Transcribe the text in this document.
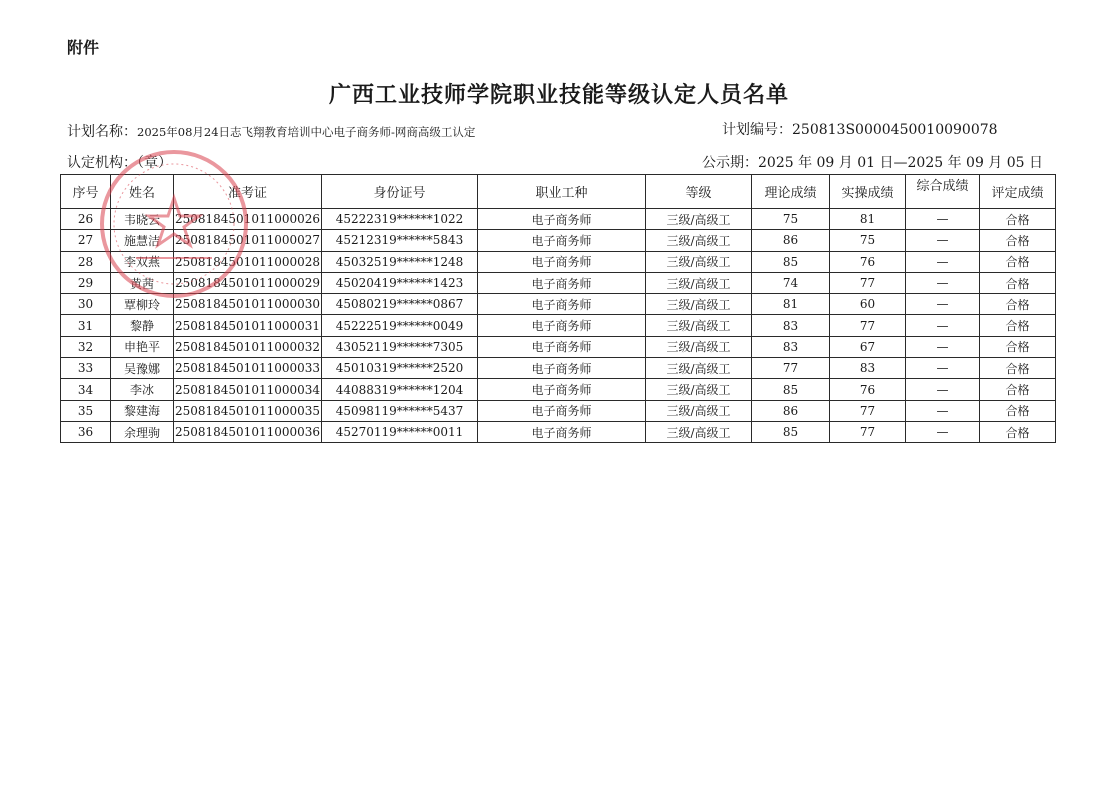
附件
广西工业技师学院职业技能等级认定人员名单
计划名称：2025年08月24日志飞翔教育培训中心电子商务师-网商高级工认定	计划编号：250813S0000450010090078
认定机构：（章）	公示期：2025 年 09 月 01 日—2025 年 09 月 05 日
序号	姓名	准考证	身份证号	职业工种	等级	理论成绩	实操成绩	综合成绩	评定成绩
26	韦晓云	2508184501011000026	45222319******1022	电子商务师	三级/高级工	75	81	—	合格
27	施慧洁	2508184501011000027	45212319******5843	电子商务师	三级/高级工	86	75	—	合格
28	李双燕	2508184501011000028	45032519******1248	电子商务师	三级/高级工	85	76	—	合格
29	黄茜	2508184501011000029	45020419******1423	电子商务师	三级/高级工	74	77	—	合格
30	覃柳玲	2508184501011000030	45080219******0867	电子商务师	三级/高级工	81	60	—	合格
31	黎静	2508184501011000031	45222519******0049	电子商务师	三级/高级工	83	77	—	合格
32	申艳平	2508184501011000032	43052119******7305	电子商务师	三级/高级工	83	67	—	合格
33	吴豫娜	2508184501011000033	45010319******2520	电子商务师	三级/高级工	77	83	—	合格
34	李冰	2508184501011000034	44088319******1204	电子商务师	三级/高级工	85	76	—	合格
35	黎建海	2508184501011000035	45098119******5437	电子商务师	三级/高级工	86	77	—	合格
36	余理驹	2508184501011000036	45270119******0011	电子商务师	三级/高级工	85	77	—	合格
